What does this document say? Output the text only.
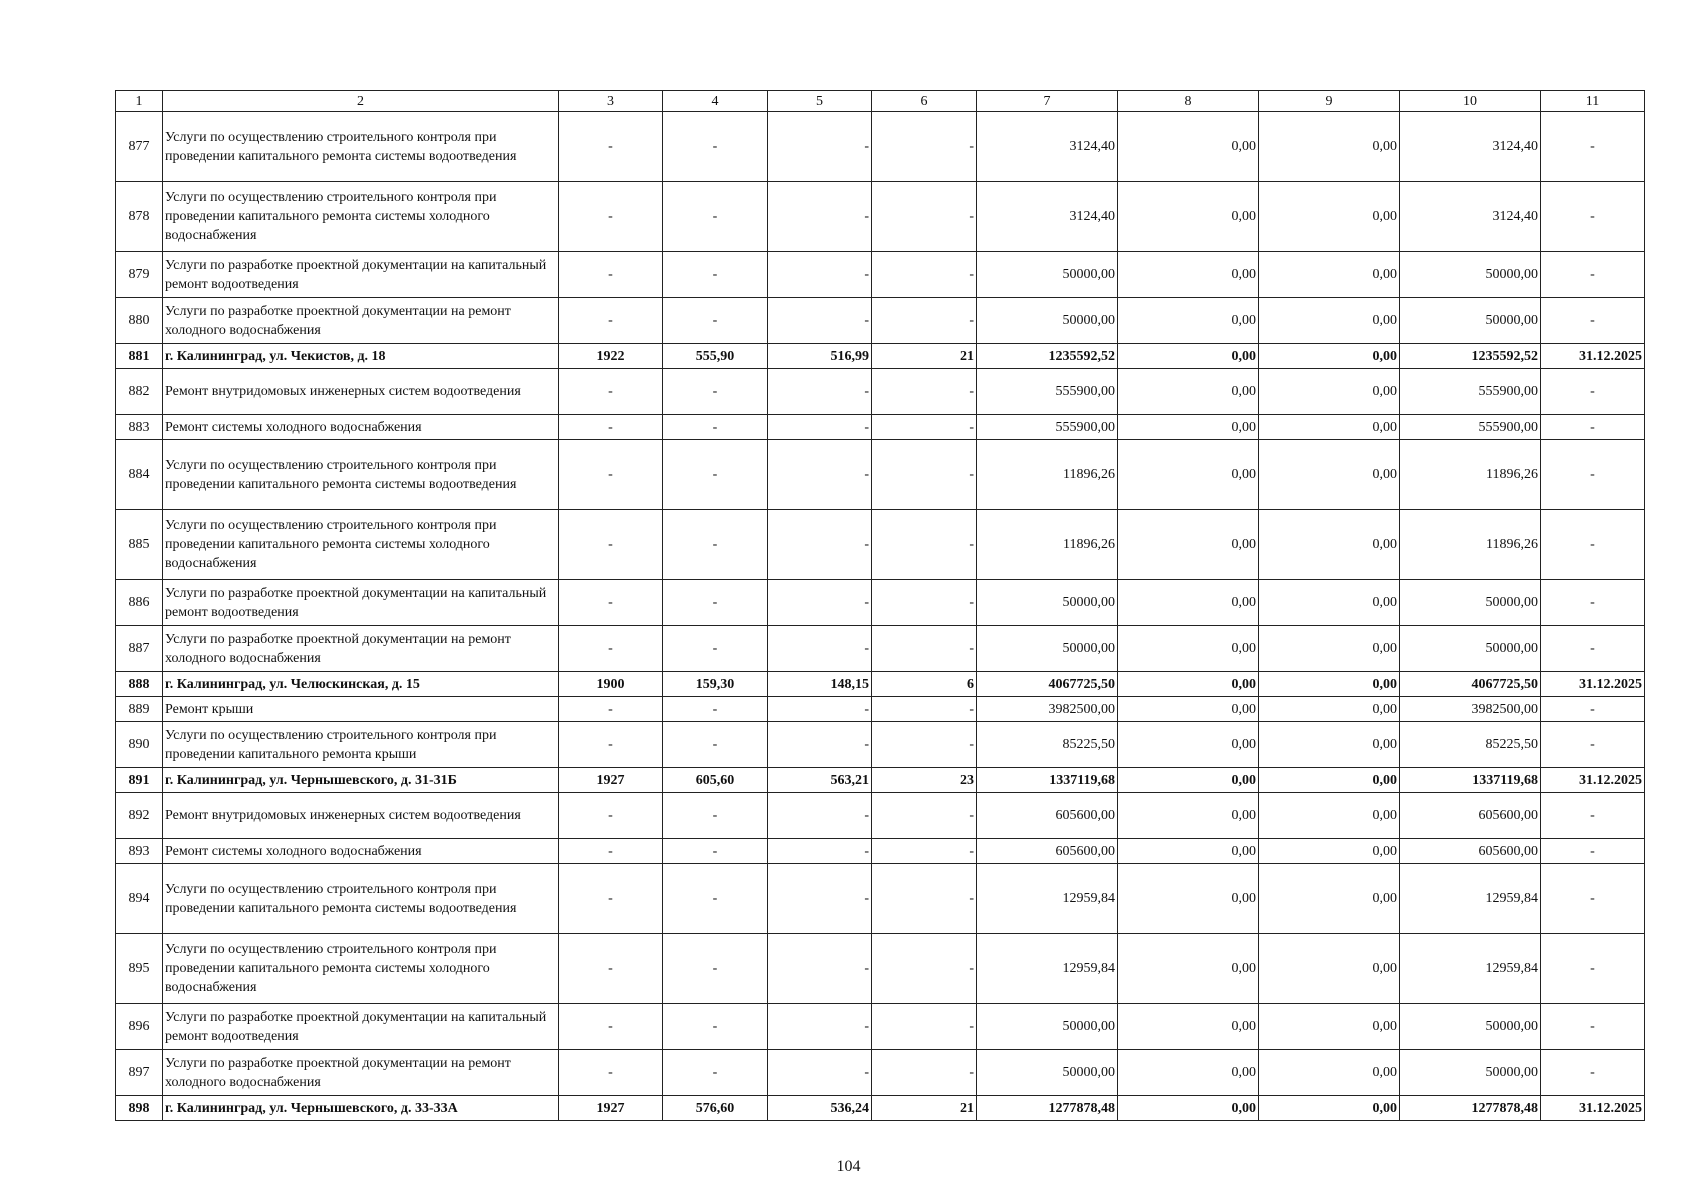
1	2	3	4	5	6	7	8	9	10	11
877	Услуги по осуществлению строительного контроля при проведении капитального ремонта системы водоотведения	-	-	-	-	3124,40	0,00	0,00	3124,40	-
878	Услуги по осуществлению строительного контроля при проведении капитального ремонта системы холодного водоснабжения	-	-	-	-	3124,40	0,00	0,00	3124,40	-
879	Услуги по разработке проектной документации на капитальный ремонт водоотведения	-	-	-	-	50000,00	0,00	0,00	50000,00	-
880	Услуги по разработке проектной документации на ремонт холодного водоснабжения	-	-	-	-	50000,00	0,00	0,00	50000,00	-
881	г. Калининград, ул. Чекистов, д. 18	1922	555,90	516,99	21	1235592,52	0,00	0,00	1235592,52	31.12.2025
882	Ремонт внутридомовых инженерных систем водоотведения	-	-	-	-	555900,00	0,00	0,00	555900,00	-
883	Ремонт системы холодного водоснабжения	-	-	-	-	555900,00	0,00	0,00	555900,00	-
884	Услуги по осуществлению строительного контроля при проведении капитального ремонта системы водоотведения	-	-	-	-	11896,26	0,00	0,00	11896,26	-
885	Услуги по осуществлению строительного контроля при проведении капитального ремонта системы холодного водоснабжения	-	-	-	-	11896,26	0,00	0,00	11896,26	-
886	Услуги по разработке проектной документации на капитальный ремонт водоотведения	-	-	-	-	50000,00	0,00	0,00	50000,00	-
887	Услуги по разработке проектной документации на ремонт холодного водоснабжения	-	-	-	-	50000,00	0,00	0,00	50000,00	-
888	г. Калининград, ул. Челюскинская, д. 15	1900	159,30	148,15	6	4067725,50	0,00	0,00	4067725,50	31.12.2025
889	Ремонт крыши	-	-	-	-	3982500,00	0,00	0,00	3982500,00	-
890	Услуги по осуществлению строительного контроля при проведении капитального ремонта крыши	-	-	-	-	85225,50	0,00	0,00	85225,50	-
891	г. Калининград, ул. Чернышевского, д. 31-31Б	1927	605,60	563,21	23	1337119,68	0,00	0,00	1337119,68	31.12.2025
892	Ремонт внутридомовых инженерных систем водоотведения	-	-	-	-	605600,00	0,00	0,00	605600,00	-
893	Ремонт системы холодного водоснабжения	-	-	-	-	605600,00	0,00	0,00	605600,00	-
894	Услуги по осуществлению строительного контроля при проведении капитального ремонта системы водоотведения	-	-	-	-	12959,84	0,00	0,00	12959,84	-
895	Услуги по осуществлению строительного контроля при проведении капитального ремонта системы холодного водоснабжения	-	-	-	-	12959,84	0,00	0,00	12959,84	-
896	Услуги по разработке проектной документации на капитальный ремонт водоотведения	-	-	-	-	50000,00	0,00	0,00	50000,00	-
897	Услуги по разработке проектной документации на ремонт холодного водоснабжения	-	-	-	-	50000,00	0,00	0,00	50000,00	-
898	г. Калининград, ул. Чернышевского, д. 33-33А	1927	576,60	536,24	21	1277878,48	0,00	0,00	1277878,48	31.12.2025
104
